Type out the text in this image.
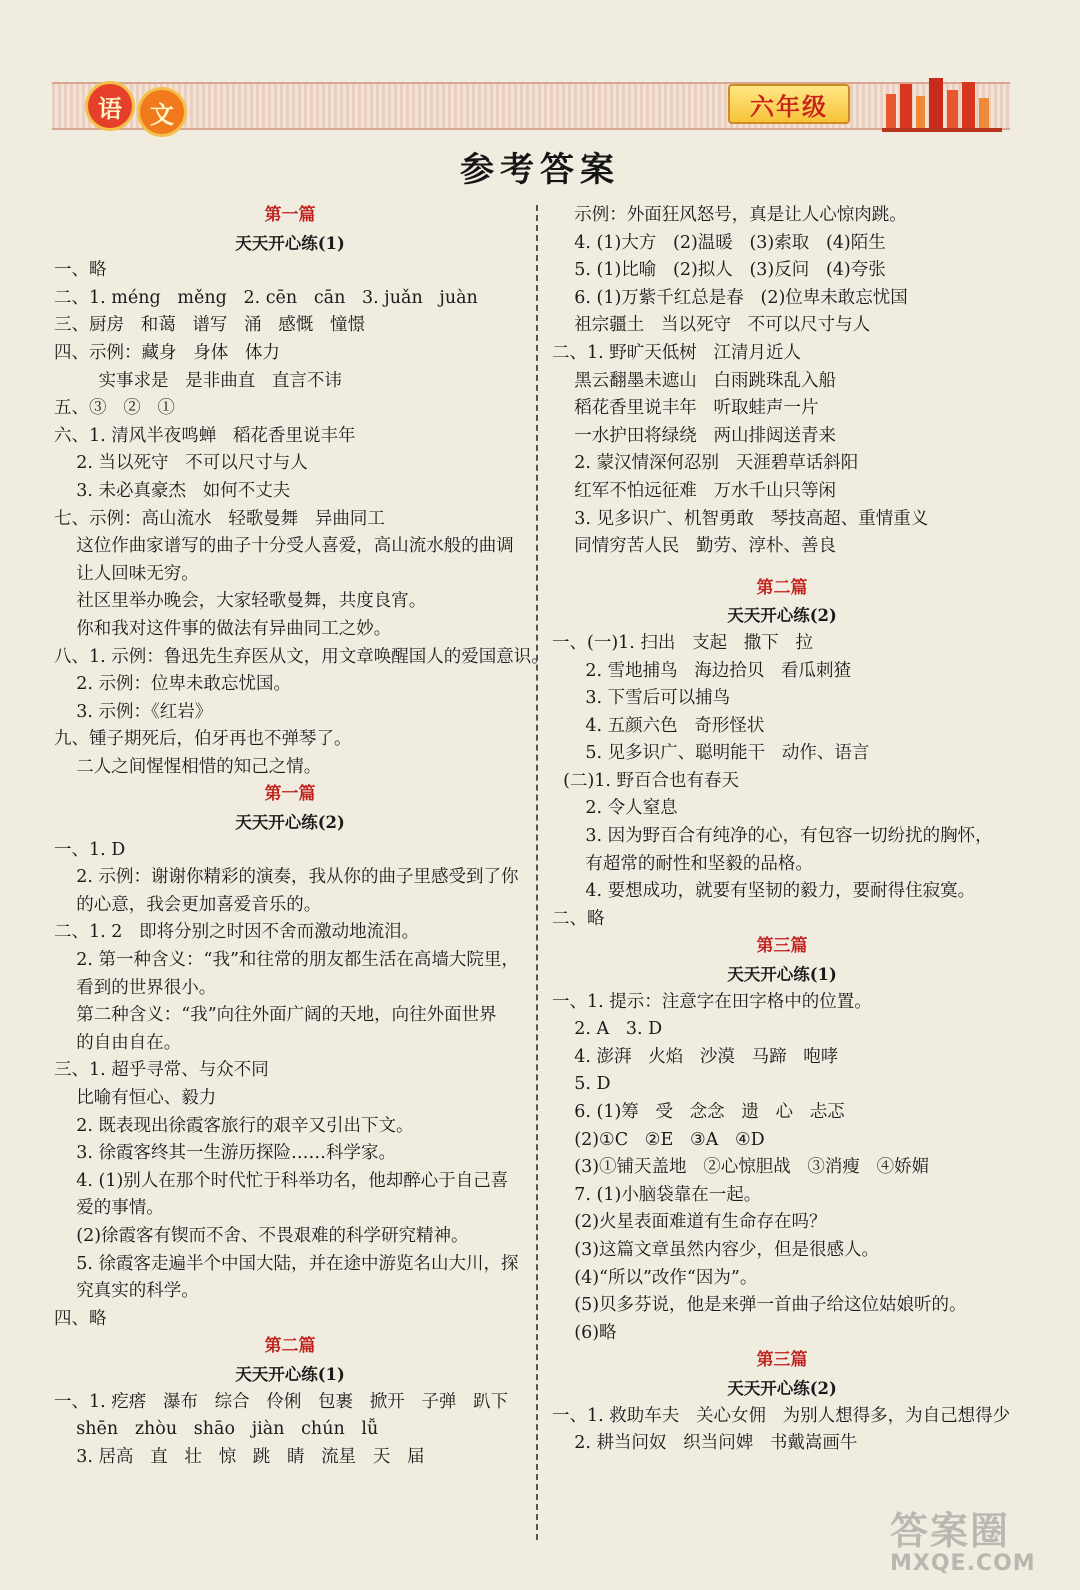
语	文	六年级
参考答案
第一篇
天天开心练(1)
一、略
二、1. méng   měng   2. cēn   cān   3. juǎn   juàn
三、厨房   和蔼   谱写   涌   感慨   憧憬
四、示例：藏身   身体   体力
实事求是   是非曲直   直言不讳
五、③   ②   ①
六、1. 清风半夜鸣蝉   稻花香里说丰年
2. 当以死守   不可以尺寸与人
3. 未必真豪杰   如何不丈夫
七、示例：高山流水   轻歌曼舞   异曲同工
这位作曲家谱写的曲子十分受人喜爱，高山流水般的曲调
让人回味无穷。
社区里举办晚会，大家轻歌曼舞，共度良宵。
你和我对这件事的做法有异曲同工之妙。
八、1. 示例：鲁迅先生弃医从文，用文章唤醒国人的爱国意识。
2. 示例：位卑未敢忘忧国。
3. 示例：《红岩》
九、锺子期死后，伯牙再也不弹琴了。
二人之间惺惺相惜的知己之情。
第一篇
天天开心练(2)
一、1. D
2. 示例：谢谢你精彩的演奏，我从你的曲子里感受到了你
的心意，我会更加喜爱音乐的。
二、1. 2   即将分别之时因不舍而激动地流泪。
2. 第一种含义：“我”和往常的朋友都生活在高墙大院里，
看到的世界很小。
第二种含义：“我”向往外面广阔的天地，向往外面世界
的自由自在。
三、1. 超乎寻常、与众不同
比喻有恒心、毅力
2. 既表现出徐霞客旅行的艰辛又引出下文。
3. 徐霞客终其一生游历探险……科学家。
4. (1)别人在那个时代忙于科举功名，他却醉心于自己喜
爱的事情。
(2)徐霞客有锲而不舍、不畏艰难的科学研究精神。
5. 徐霞客走遍半个中国大陆，并在途中游览名山大川，探
究真实的科学。
四、略
第二篇
天天开心练(1)
一、1. 疙瘩   瀑布   综合   伶俐   包裹   掀开   子弹   趴下
shēn   zhòu   shāo   jiàn   chún   lǚ
3. 居高   直   壮   惊   跳   睛   流星   天   届
示例：外面狂风怒号，真是让人心惊肉跳。
4. (1)大方   (2)温暖   (3)索取   (4)陌生
5. (1)比喻   (2)拟人   (3)反问   (4)夸张
6. (1)万紫千红总是春   (2)位卑未敢忘忧国
祖宗疆土   当以死守   不可以尺寸与人
二、1. 野旷天低树   江清月近人
黑云翻墨未遮山   白雨跳珠乱入船
稻花香里说丰年   听取蛙声一片
一水护田将绿绕   两山排闼送青来
2. 蒙汉情深何忍别   天涯碧草话斜阳
红军不怕远征难   万水千山只等闲
3. 见多识广、机智勇敢   琴技高超、重情重义
同情穷苦人民   勤劳、淳朴、善良
第二篇
天天开心练(2)
一、(一)1. 扫出   支起   撒下   拉
2. 雪地捕鸟   海边拾贝   看瓜刺猹
3. 下雪后可以捕鸟
4. 五颜六色   奇形怪状
5. 见多识广、聪明能干   动作、语言
(二)1. 野百合也有春天
2. 令人窒息
3. 因为野百合有纯净的心，有包容一切纷扰的胸怀，
有超常的耐性和坚毅的品格。
4. 要想成功，就要有坚韧的毅力，要耐得住寂寞。
二、略
第三篇
天天开心练(1)
一、1. 提示：注意字在田字格中的位置。
2. A   3. D
4. 澎湃   火焰   沙漠   马蹄   咆哮
5. D
6. (1)筹   受   念念   遗   心   忐忑
(2)①C   ②E   ③A   ④D
(3)①铺天盖地   ②心惊胆战   ③消瘦   ④娇媚
7. (1)小脑袋靠在一起。
(2)火星表面难道有生命存在吗？
(3)这篇文章虽然内容少，但是很感人。
(4)“所以”改作“因为”。
(5)贝多芬说，他是来弹一首曲子给这位姑娘听的。
(6)略
第三篇
天天开心练(2)
一、1. 救助车夫   关心女佣   为别人想得多，为自己想得少
2. 耕当问奴   织当问婢   书戴嵩画牛
答案圈
MXQE.COM
